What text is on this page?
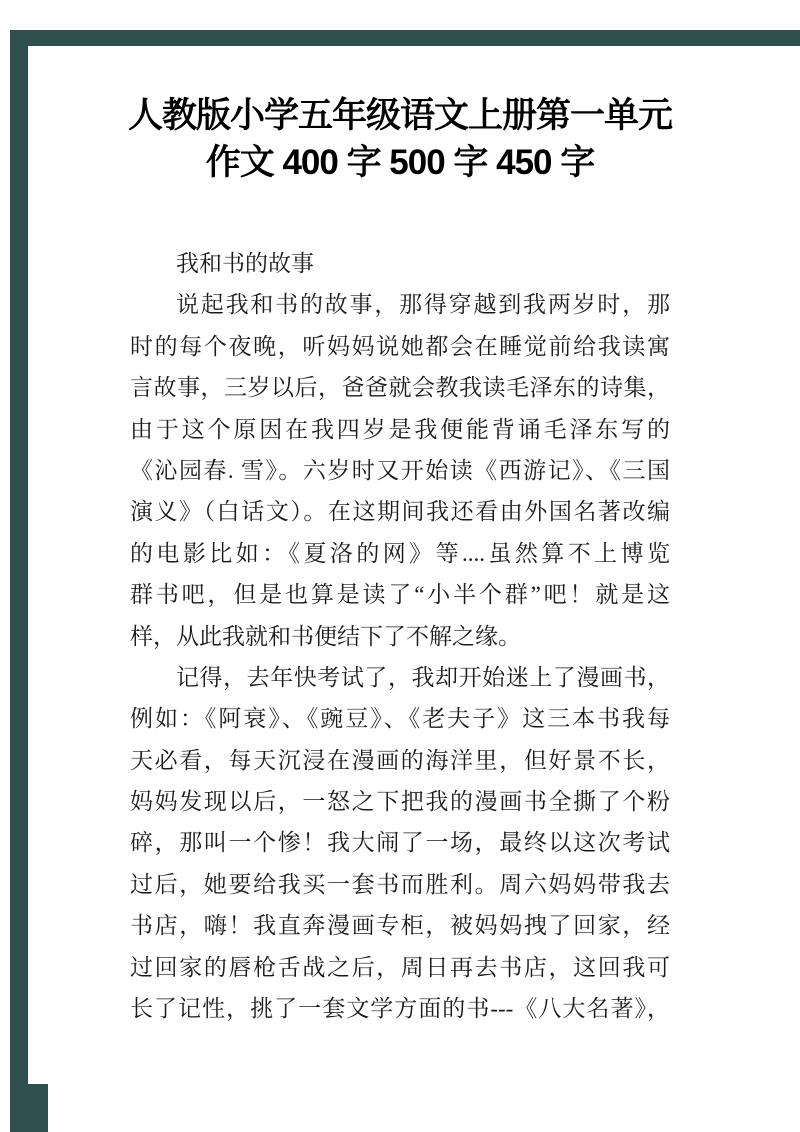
人教版小学五年级语文上册第一单元
作文 400 字 500 字 450 字
我和书的故事
说起我和书的故事，那得穿越到我两岁时，那
时的每个夜晚，听妈妈说她都会在睡觉前给我读寓
言故事，三岁以后，爸爸就会教我读毛泽东的诗集，
由于这个原因在我四岁是我便能背诵毛泽东写的
《沁园春. 雪》。六岁时又开始读《西游记》、《三国
演义》（白话文）。在这期间我还看由外国名著改编
的电影比如：《夏洛的网》等....虽然算不上博览
群书吧，但是也算是读了“小半个群”吧！就是这
样，从此我就和书便结下了不解之缘。
记得，去年快考试了，我却开始迷上了漫画书，
例如：《阿衰》、《豌豆》、《老夫子》这三本书我每
天必看，每天沉浸在漫画的海洋里，但好景不长，
妈妈发现以后，一怒之下把我的漫画书全撕了个粉
碎，那叫一个惨！我大闹了一场，最终以这次考试
过后，她要给我买一套书而胜利。周六妈妈带我去
书店，嗨！我直奔漫画专柜，被妈妈拽了回家，经
过回家的唇枪舌战之后，周日再去书店，这回我可
长了记性，挑了一套文学方面的书---《八大名著》，
